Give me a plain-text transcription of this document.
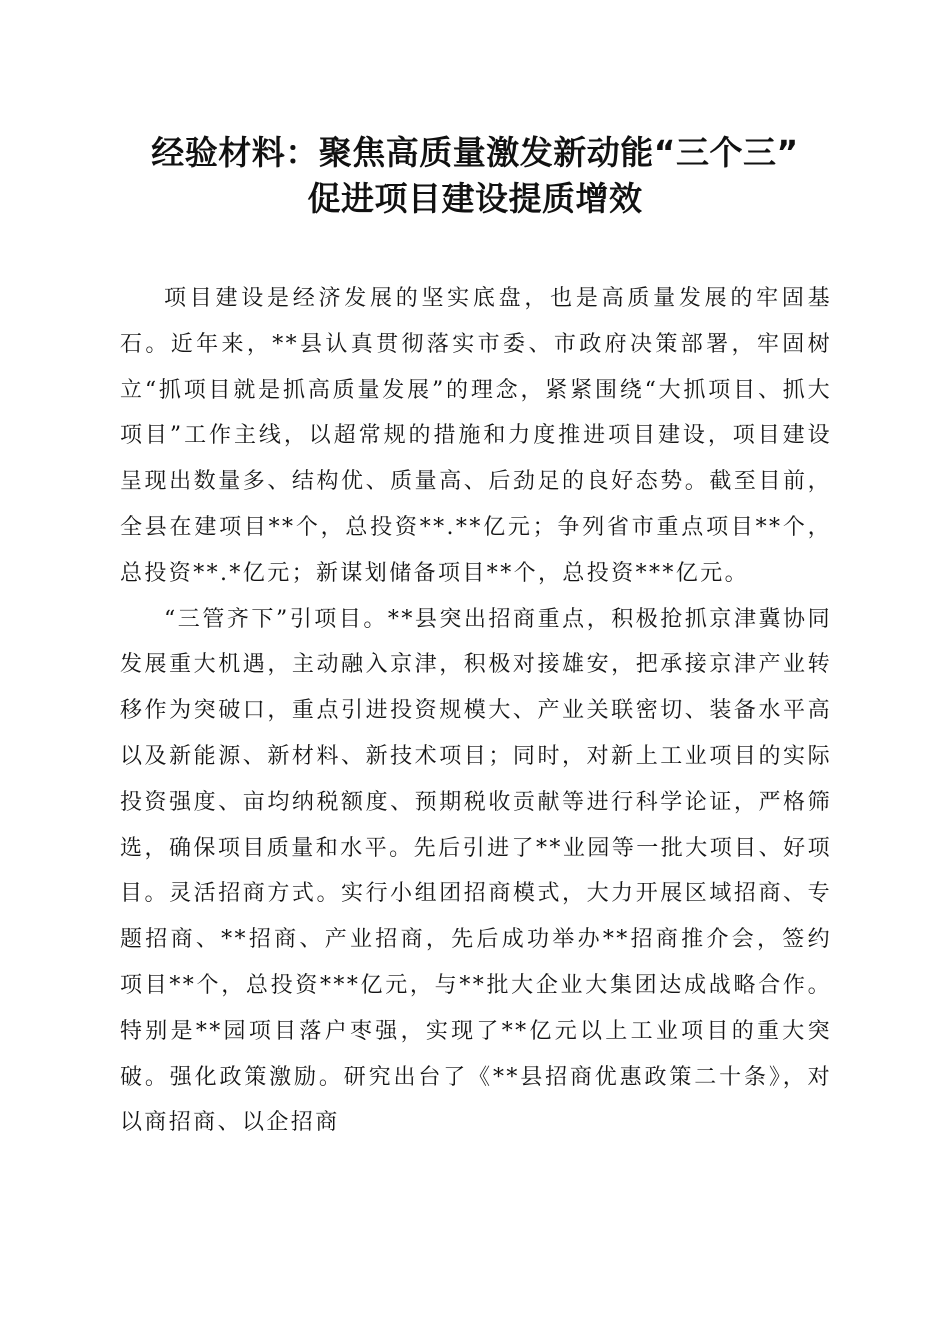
经验材料：聚焦高质量激发新动能“三个三”
促进项目建设提质增效

项目建设是经济发展的坚实底盘，也是高质量发展的牢固基石。近年来，**县认真贯彻落实市委、市政府决策部署，牢固树立“抓项目就是抓高质量发展”的理念，紧紧围绕“大抓项目、抓大项目”工作主线，以超常规的措施和力度推进项目建设，项目建设呈现出数量多、结构优、质量高、后劲足的良好态势。截至目前，全县在建项目**个，总投资**.**亿元；争列省市重点项目**个，总投资**.*亿元；新谋划储备项目**个，总投资***亿元。

“三管齐下”引项目。**县突出招商重点，积极抢抓京津冀协同发展重大机遇，主动融入京津，积极对接雄安，把承接京津产业转移作为突破口，重点引进投资规模大、产业关联密切、装备水平高以及新能源、新材料、新技术项目；同时，对新上工业项目的实际投资强度、亩均纳税额度、预期税收贡献等进行科学论证，严格筛选，确保项目质量和水平。先后引进了**业园等一批大项目、好项目。灵活招商方式。实行小组团招商模式，大力开展区域招商、专题招商、**招商、产业招商，先后成功举办**招商推介会，签约项目**个，总投资***亿元，与**批大企业大集团达成战略合作。特别是**园项目落户枣强，实现了**亿元以上工业项目的重大突破。强化政策激励。研究出台了《**县招商优惠政策二十条》，对以商招商、以企招商
